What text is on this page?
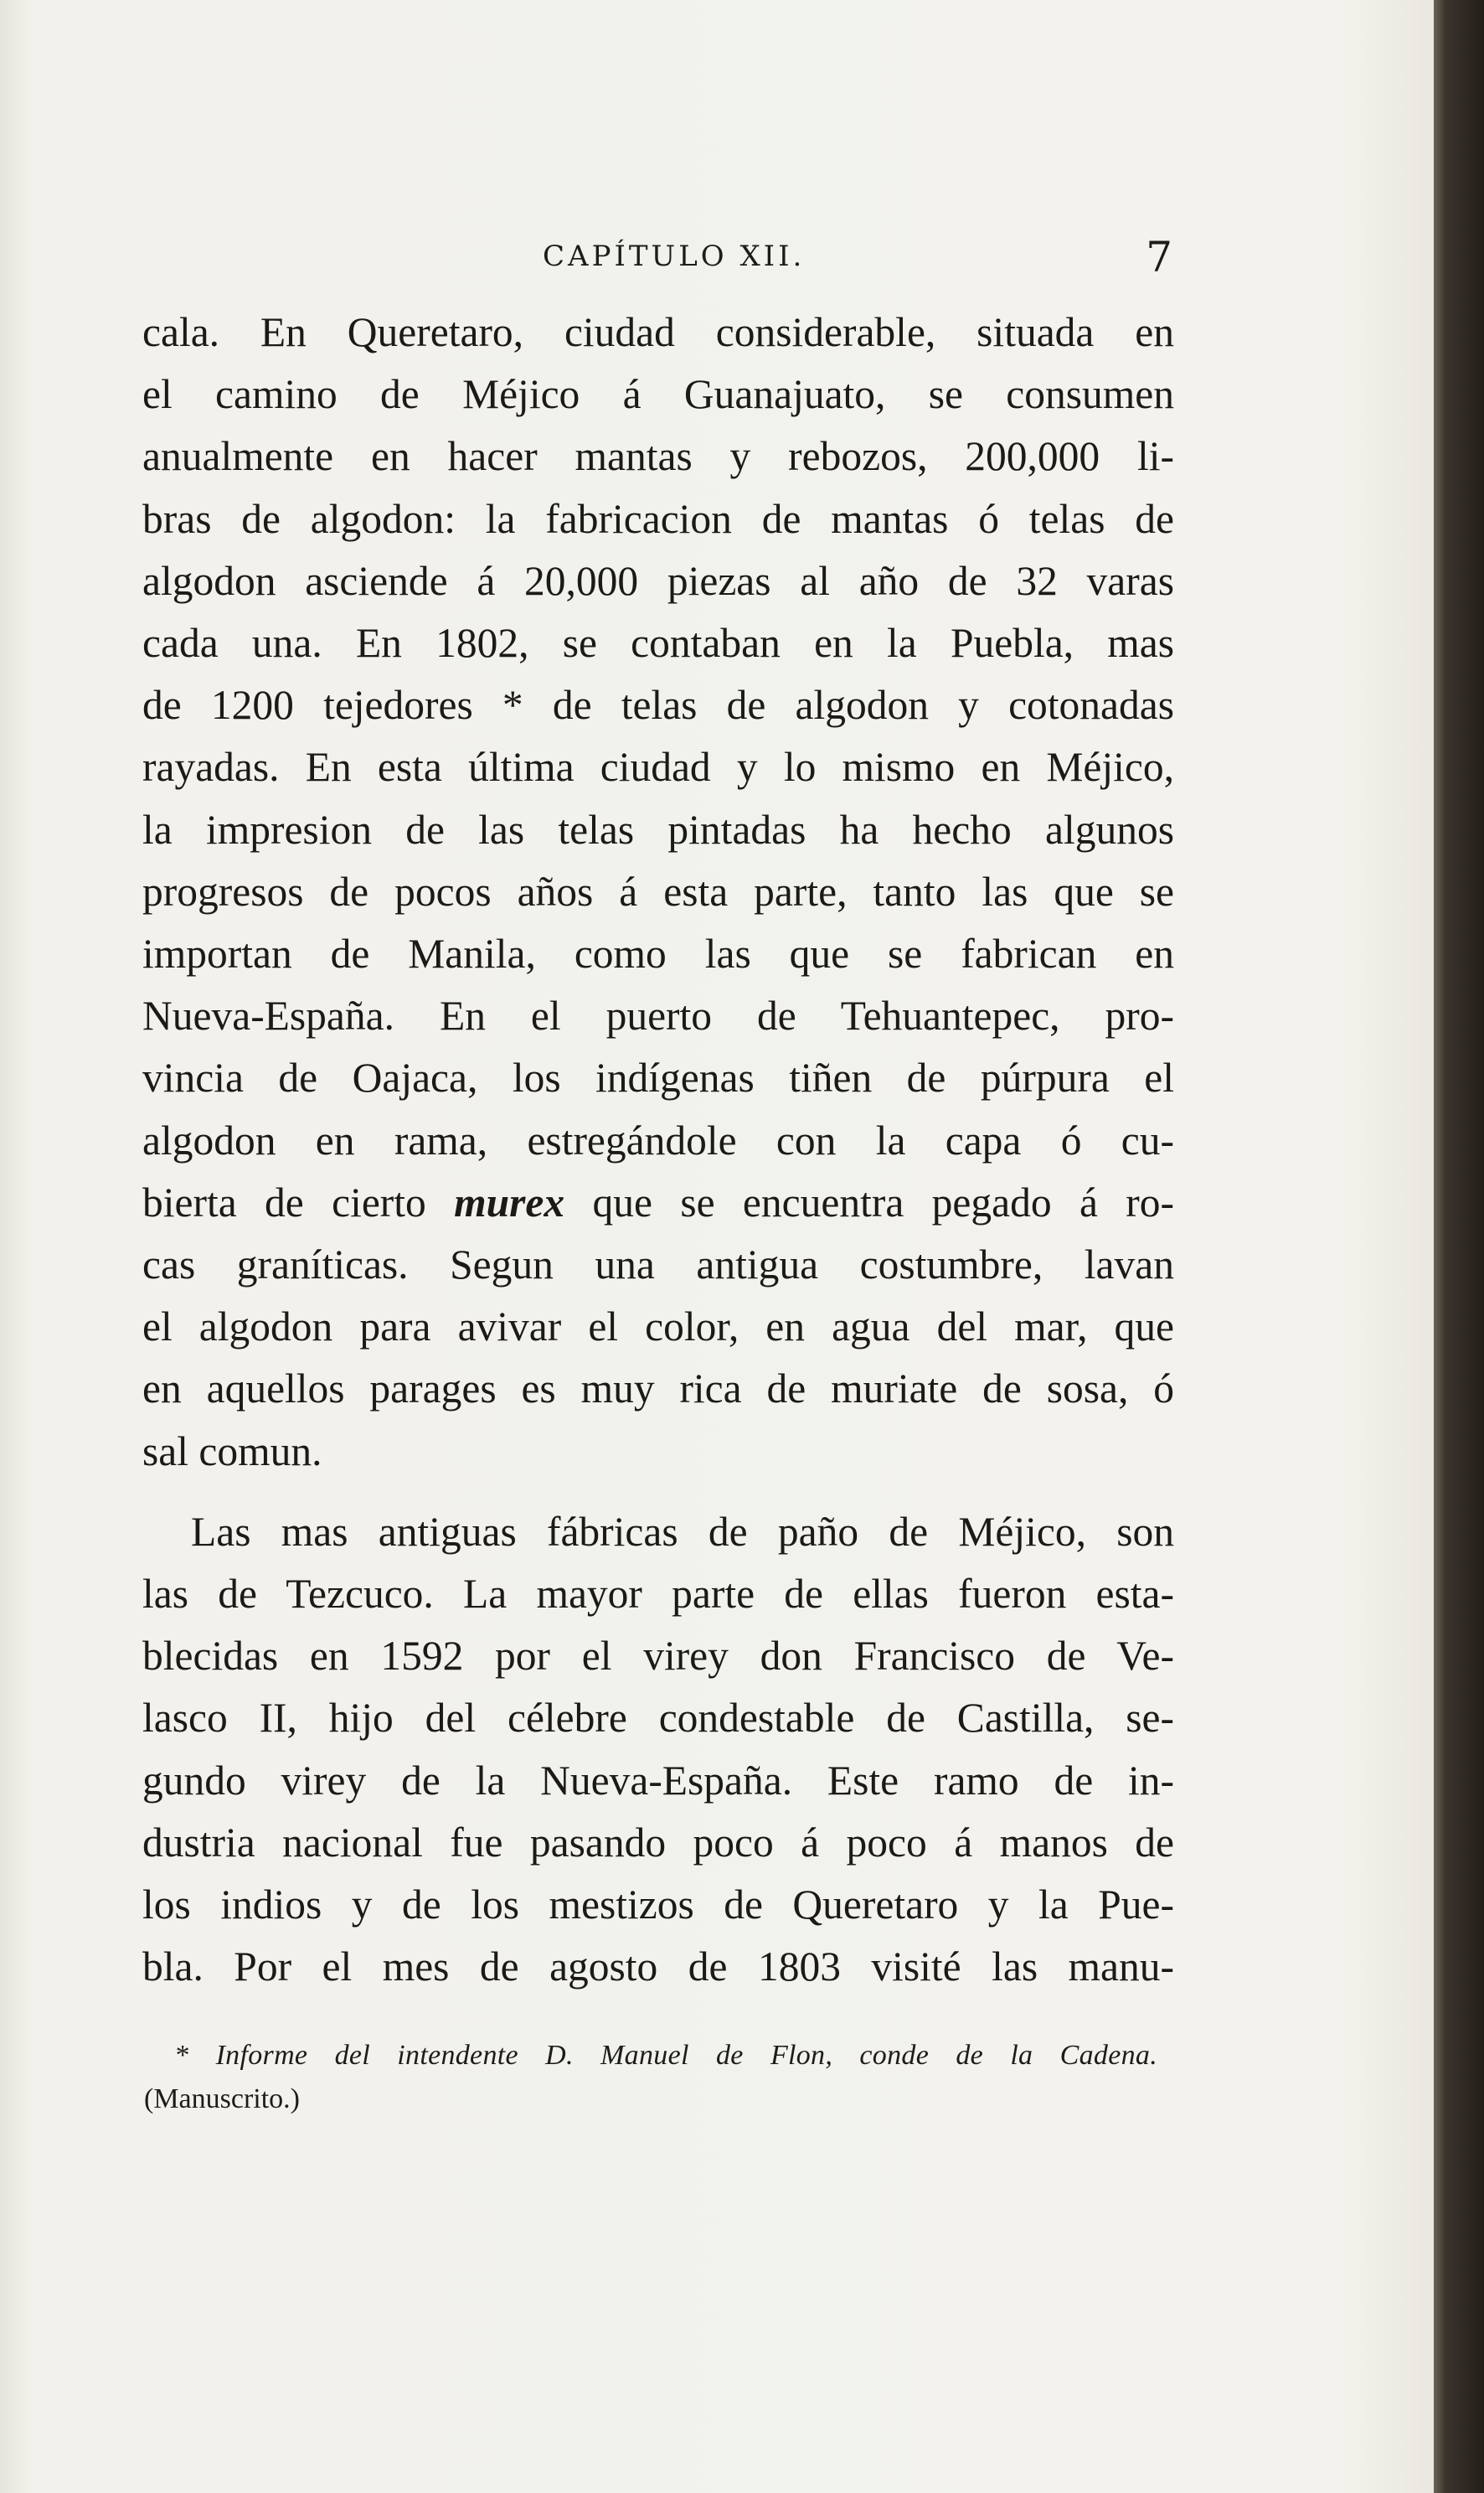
CAPÍTULO XII.	7
cala. En Queretaro, ciudad considerable, situada en
el camino de Méjico á Guanajuato, se consumen
anualmente en hacer mantas y rebozos, 200,000 li-
bras de algodon: la fabricacion de mantas ó telas de
algodon asciende á 20,000 piezas al año de 32 varas
cada una. En 1802, se contaban en la Puebla, mas
de 1200 tejedores * de telas de algodon y cotonadas
rayadas. En esta última ciudad y lo mismo en Méjico,
la impresion de las telas pintadas ha hecho algunos
progresos de pocos años á esta parte, tanto las que se
importan de Manila, como las que se fabrican en
Nueva-España. En el puerto de Tehuantepec, pro-
vincia de Oajaca, los indígenas tiñen de púrpura el
algodon en rama, estregándole con la capa ó cu-
bierta de cierto murex que se encuentra pegado á ro-
cas graníticas. Segun una antigua costumbre, lavan
el algodon para avivar el color, en agua del mar, que
en aquellos parages es muy rica de muriate de sosa, ó
sal comun.
Las mas antiguas fábricas de paño de Méjico, son
las de Tezcuco. La mayor parte de ellas fueron esta-
blecidas en 1592 por el virey don Francisco de Ve-
lasco II, hijo del célebre condestable de Castilla, se-
gundo virey de la Nueva-España. Este ramo de in-
dustria nacional fue pasando poco á poco á manos de
los indios y de los mestizos de Queretaro y la Pue-
bla. Por el mes de agosto de 1803 visité las manu-
* Informe del intendente D. Manuel de Flon, conde de la Cadena.
(Manuscrito.)
